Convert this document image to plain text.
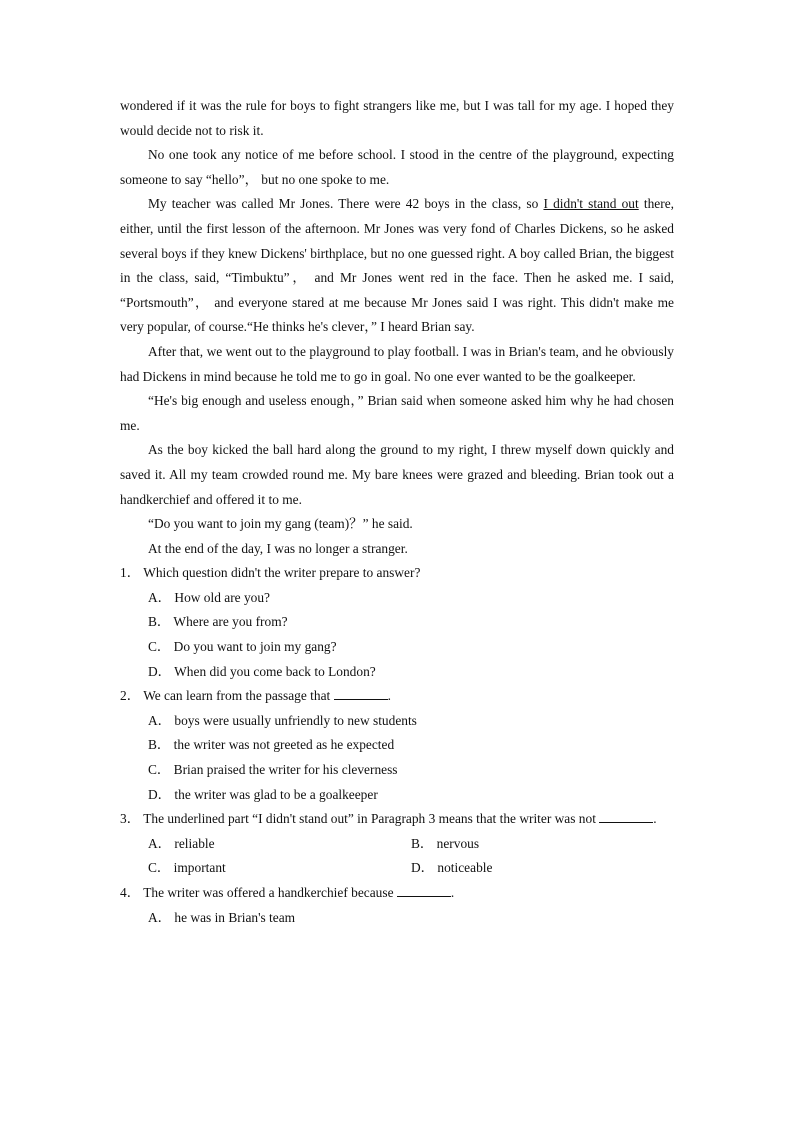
wondered if it was the rule for boys to fight strangers like me, but I was tall for my age. I hoped they would decide not to risk it.

No one took any notice of me before school. I stood in the centre of the playground, expecting someone to say “hello”， but no one spoke to me.

My teacher was called Mr Jones. There were 42 boys in the class, so I didn't stand out there, either, until the first lesson of the afternoon. Mr Jones was very fond of Charles Dickens, so he asked several boys if they knew Dickens' birthplace, but no one guessed right. A boy called Brian, the biggest in the class, said, “Timbuktu”， and Mr Jones went red in the face. Then he asked me. I said, “Portsmouth”， and everyone stared at me because Mr Jones said I was right. This didn't make me very popular, of course.“He thinks he's clever，” I heard Brian say.

After that, we went out to the playground to play football. I was in Brian's team, and he obviously had Dickens in mind because he told me to go in goal. No one ever wanted to be the goalkeeper.

“He's big enough and useless enough，” Brian said when someone asked him why he had chosen me.

As the boy kicked the ball hard along the ground to my right, I threw myself down quickly and saved it. All my team crowded round me. My bare knees were grazed and bleeding. Brian took out a handkerchief and offered it to me.

“Do you want to join my gang (team)？” he said.

At the end of the day, I was no longer a stranger.

1． Which question didn't the writer prepare to answer?

A． How old are you?

B． Where are you from?

C． Do you want to join my gang?

D． When did you come back to London?

2． We can learn from the passage that	.

A． boys were usually unfriendly to new students

B． the writer was not greeted as he expected

C． Brian praised the writer for his cleverness

D． the writer was glad to be a goalkeeper

3． The underlined part “I didn't stand out” in Paragraph 3 means that the writer was not	.

A． reliable	B． nervous
C． important	D． noticeable

4． The writer was offered a handkerchief because	.

A． he was in Brian's team
